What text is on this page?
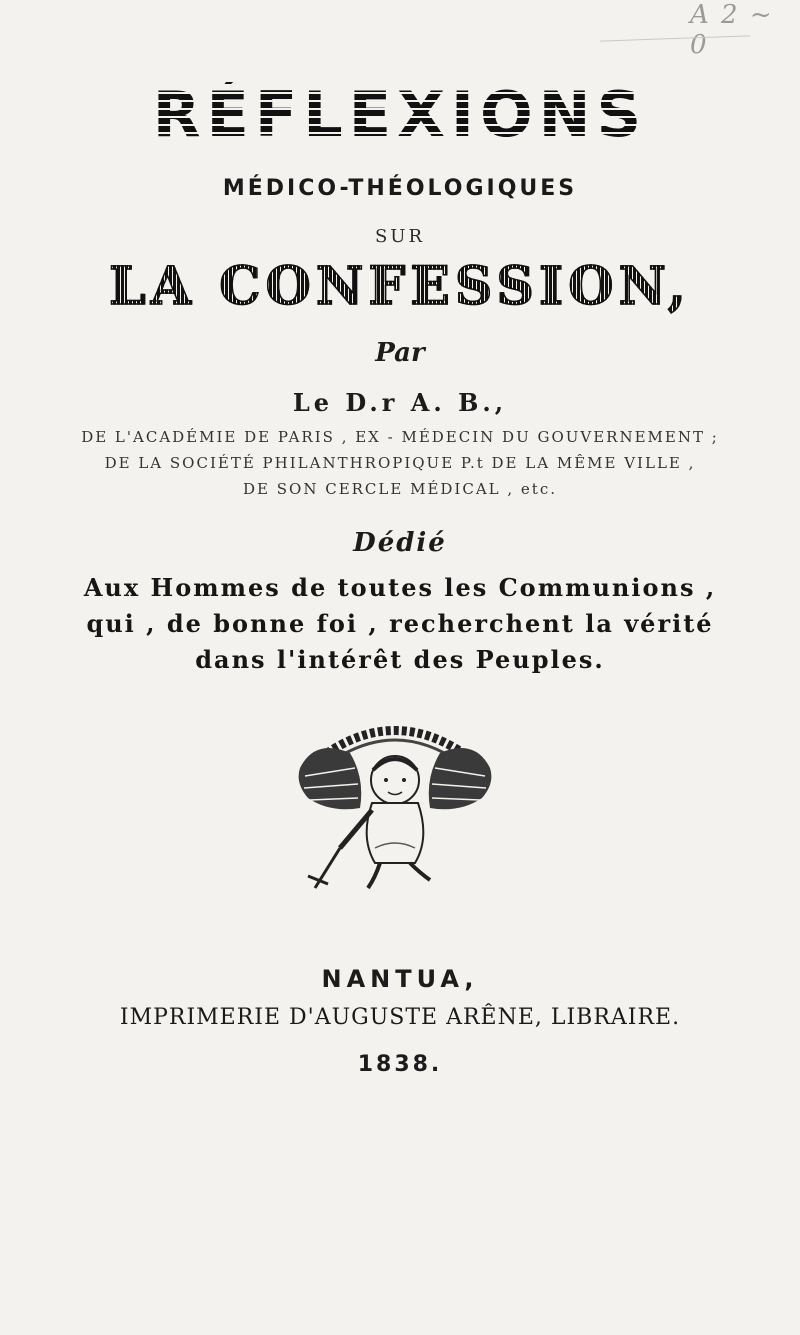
A 2 ~ 0
RÉFLEXIONS
MÉDICO-THÉOLOGIQUES
SUR
LA CONFESSION,
Par
Le D.r A. B.,
DE L'ACADÉMIE DE PARIS , EX - MÉDECIN DU GOUVERNEMENT ;
DE LA SOCIÉTÉ PHILANTHROPIQUE P.t DE LA MÊME VILLE ,
DE SON CERCLE MÉDICAL , etc.
Dédié
Aux Hommes de toutes les Communions ,
qui , de bonne foi , recherchent la vérité
dans l'intérêt des Peuples.
NANTUA,
IMPRIMERIE D'AUGUSTE ARÊNE, LIBRAIRE.
1838.
